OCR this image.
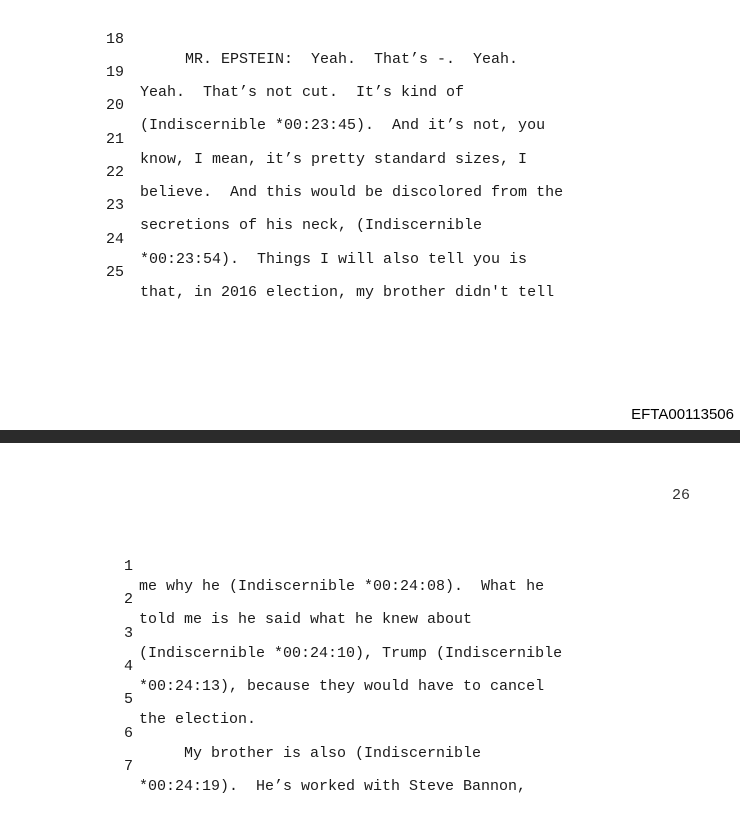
18

MR. EPSTEIN:  Yeah.  That’s -.  Yeah.

19

Yeah.  That’s not cut.  It’s kind of

20

(Indiscernible *00:23:45).  And it’s not, you

21

know, I mean, it’s pretty standard sizes, I

22

believe.  And this would be discolored from the

23

secretions of his neck, (Indiscernible

24

*00:23:54).  Things I will also tell you is

25

that, in 2016 election, my brother didn't tell

EFTA00113506
26

1

me why he (Indiscernible *00:24:08).  What he

2

told me is he said what he knew about

3

(Indiscernible *00:24:10), Trump (Indiscernible

4

*00:24:13), because they would have to cancel

5

the election.

6

My brother is also (Indiscernible

7

*00:24:19).  He’s worked with Steve Bannon,
